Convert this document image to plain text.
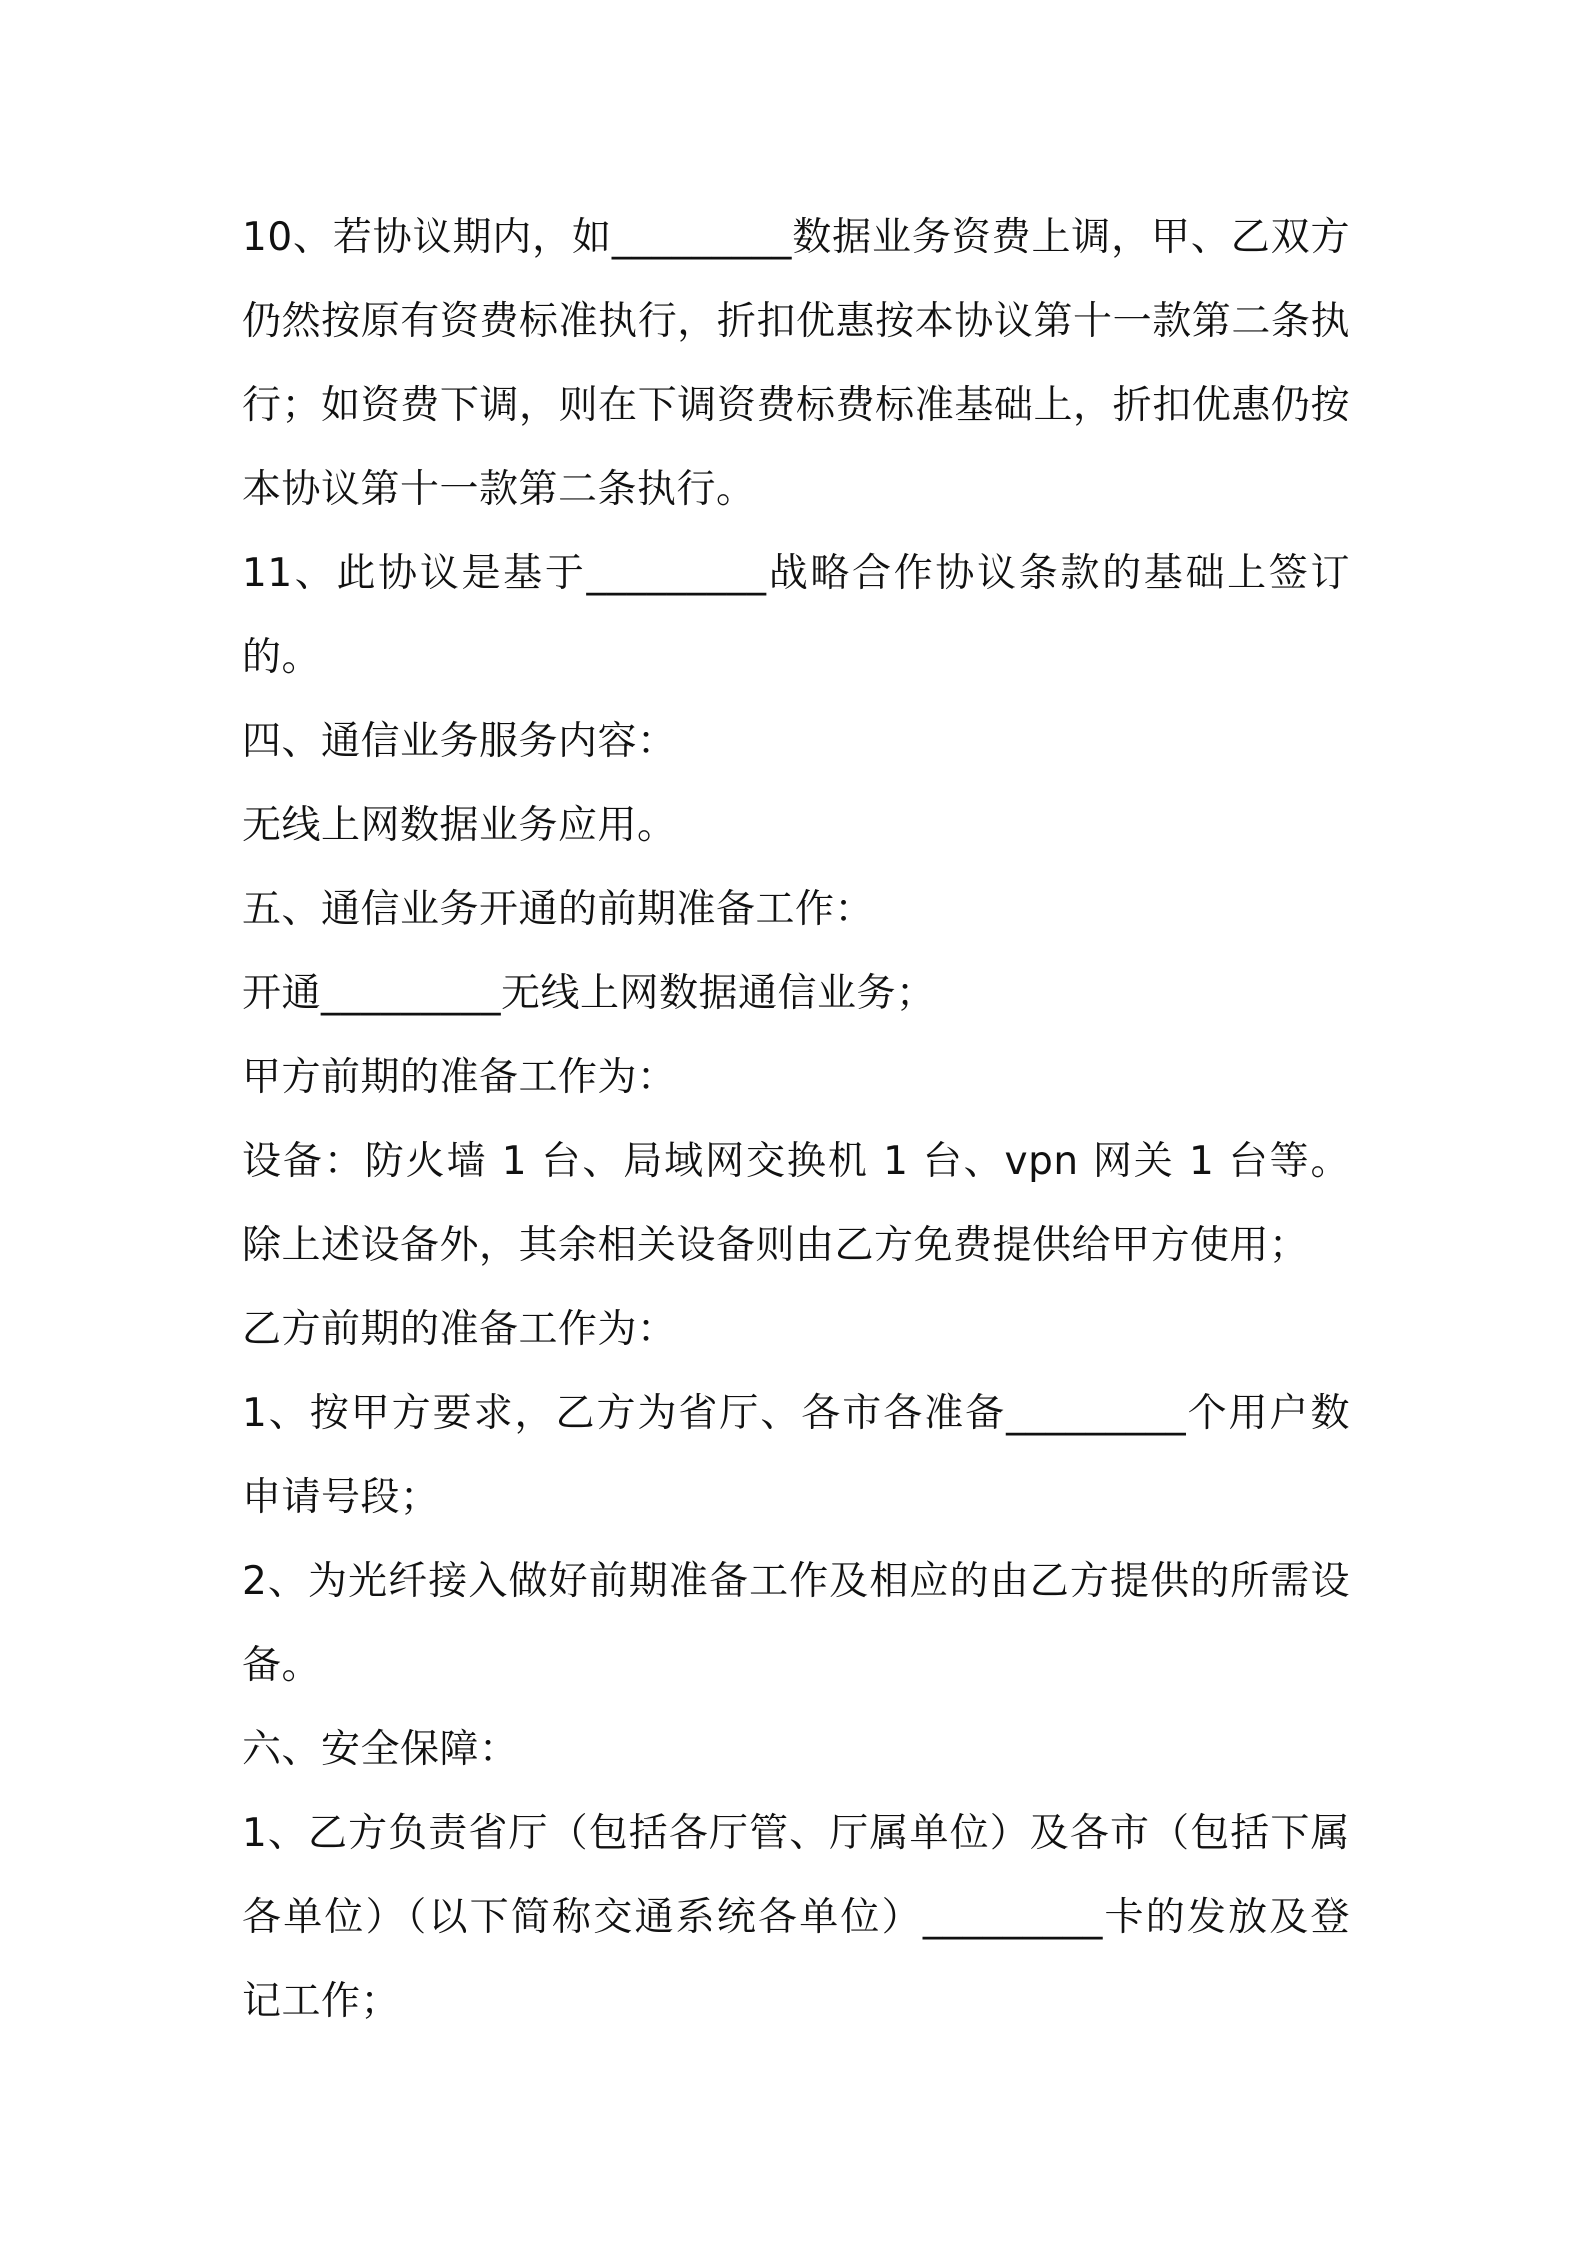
10、若协议期内，如_________数据业务资费上调，甲、乙双方仍然按原有资费标准执行，折扣优惠按本协议第十一款第二条执行；如资费下调，则在下调资费标费标准基础上，折扣优惠仍按本协议第十一款第二条执行。

11、此协议是基于_________战略合作协议条款的基础上签订的。

四、通信业务服务内容：

无线上网数据业务应用。

五、通信业务开通的前期准备工作：

开通_________无线上网数据通信业务；

甲方前期的准备工作为：

设备：防火墙 1 台、局域网交换机 1 台、vpn 网关 1 台等。除上述设备外，其余相关设备则由乙方免费提供给甲方使用；

乙方前期的准备工作为：

1、按甲方要求，乙方为省厅、各市各准备_________个用户数申请号段；

2、为光纤接入做好前期准备工作及相应的由乙方提供的所需设备。

六、安全保障：

1、乙方负责省厅（包括各厅管、厅属单位）及各市（包括下属各单位）（以下简称交通系统各单位）_________卡的发放及登记工作；
